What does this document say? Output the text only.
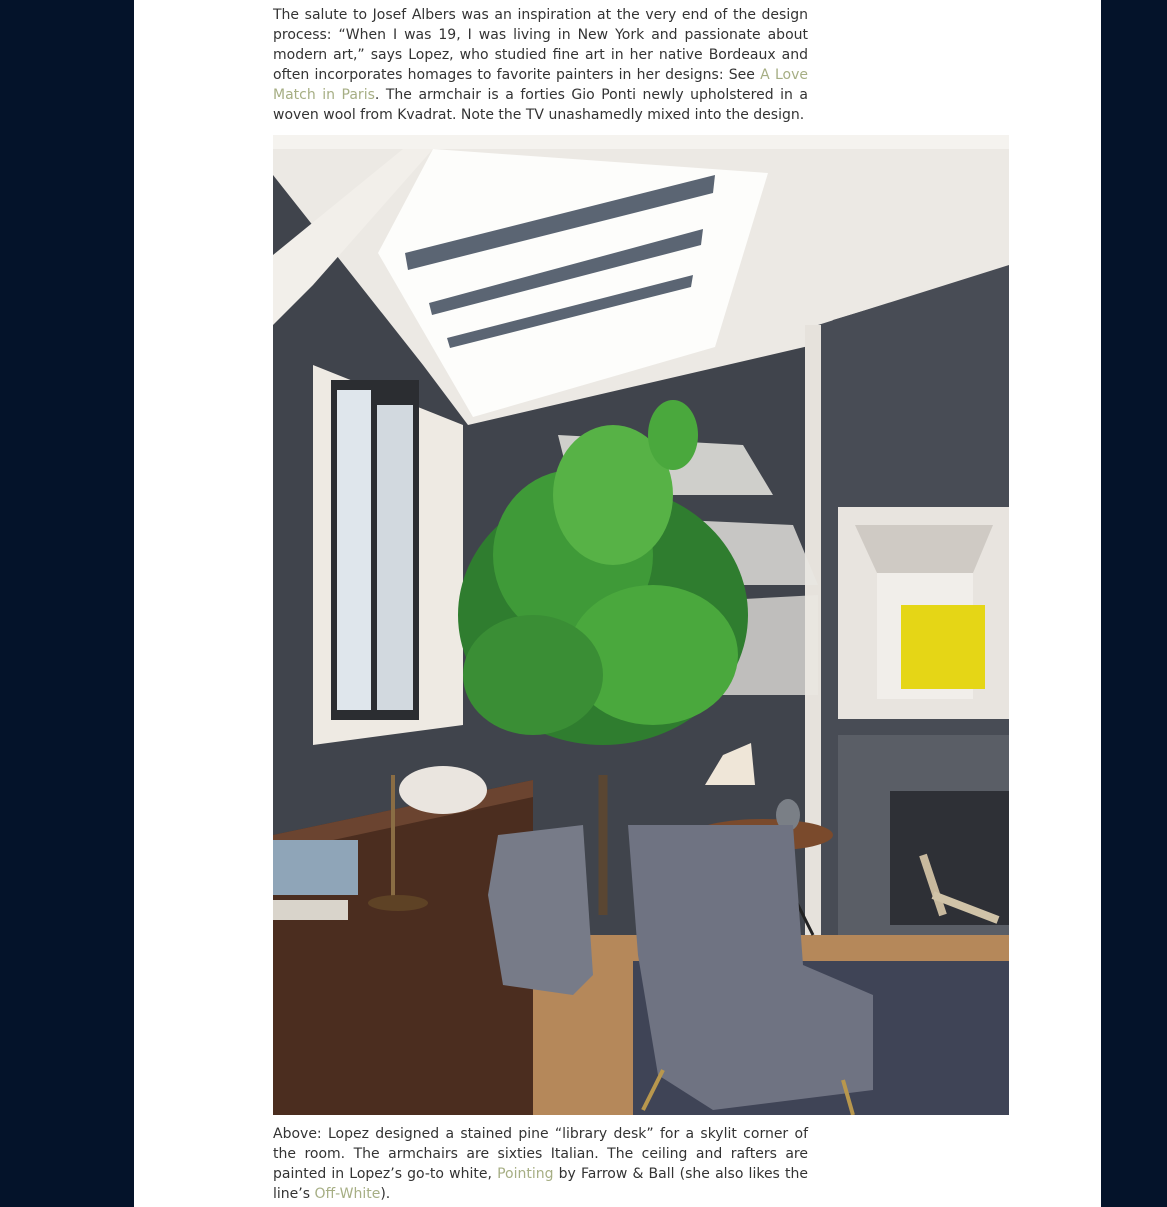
The salute to Josef Albers was an inspiration at the very end of the design process: “When I was 19, I was living in New York and passionate about modern art,” says Lopez, who studied fine art in her native Bordeaux and often incorporates homages to favorite painters in her designs: See A Love Match in Paris. The armchair is a forties Gio Ponti newly upholstered in a woven wool from Kvadrat. Note the TV unashamedly mixed into the design.

Above: Lopez designed a stained pine “library desk” for a skylit corner of the room. The armchairs are sixties Italian. The ceiling and rafters are painted in Lopez’s go-to white, Pointing by Farrow & Ball (she also likes the line’s Off-White).
